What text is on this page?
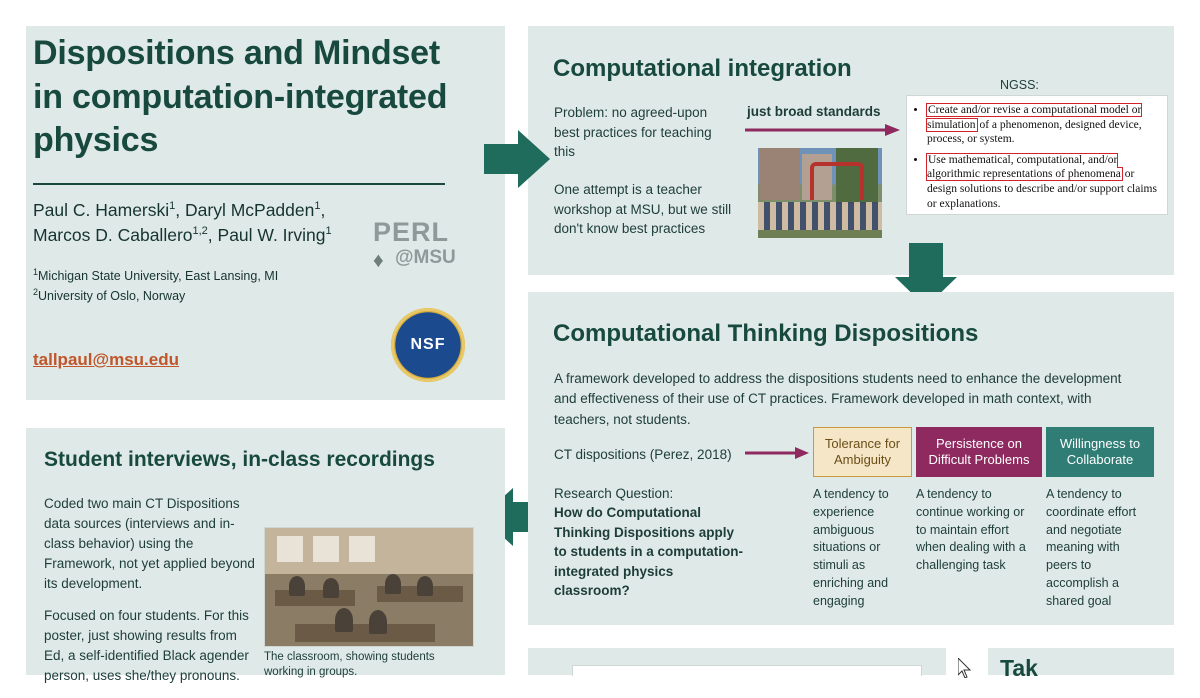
Dispositions and Mindset in computation-integrated physics
Paul C. Hamerski$^1$, Daryl McPadden$^1$,
Marcos D. Caballero$^{1,2}$, Paul W. Irving$^1$
$^1$Michigan State University, East Lansing, MI
$^2$University of Oslo, Norway
tallpaul@msu.edu
PERL
@MSU
♦
NSF
Computational integration
Problem: no agreed-upon best practices for teaching this
One attempt is a teacher workshop at MSU, but we still don't know best practices
just broad standards
NGSS:
• Create and/or revise a computational model or simulation of a phenomenon, designed device, process, or system.
• Use mathematical, computational, and/or algorithmic representations of phenomena or design solutions to describe and/or support claims or explanations.
Computational Thinking Dispositions
A framework developed to address the dispositions students need to enhance the development and effectiveness of their use of CT practices. Framework developed in math context, with teachers, not students.
CT dispositions (Perez, 2018)
Tolerance for Ambiguity
Persistence on Difficult Problems
Willingness to Collaborate
A tendency to experience ambiguous situations or stimuli as enriching and engaging
A tendency to continue working or to maintain effort when dealing with a challenging task
A tendency to coordinate effort and negotiate meaning with peers to accomplish a shared goal
Research Question:
How do Computational Thinking Dispositions apply to students in a computation-integrated physics classroom?
Student interviews, in-class recordings

Coded two main CT Dispositions data sources (interviews and in-class behavior) using the Framework, not yet applied beyond its development.

Focused on four students. For this poster, just showing results from Ed, a self-identified Black agender person, uses she/they pronouns.

The classroom, showing students working in groups.	Tak
